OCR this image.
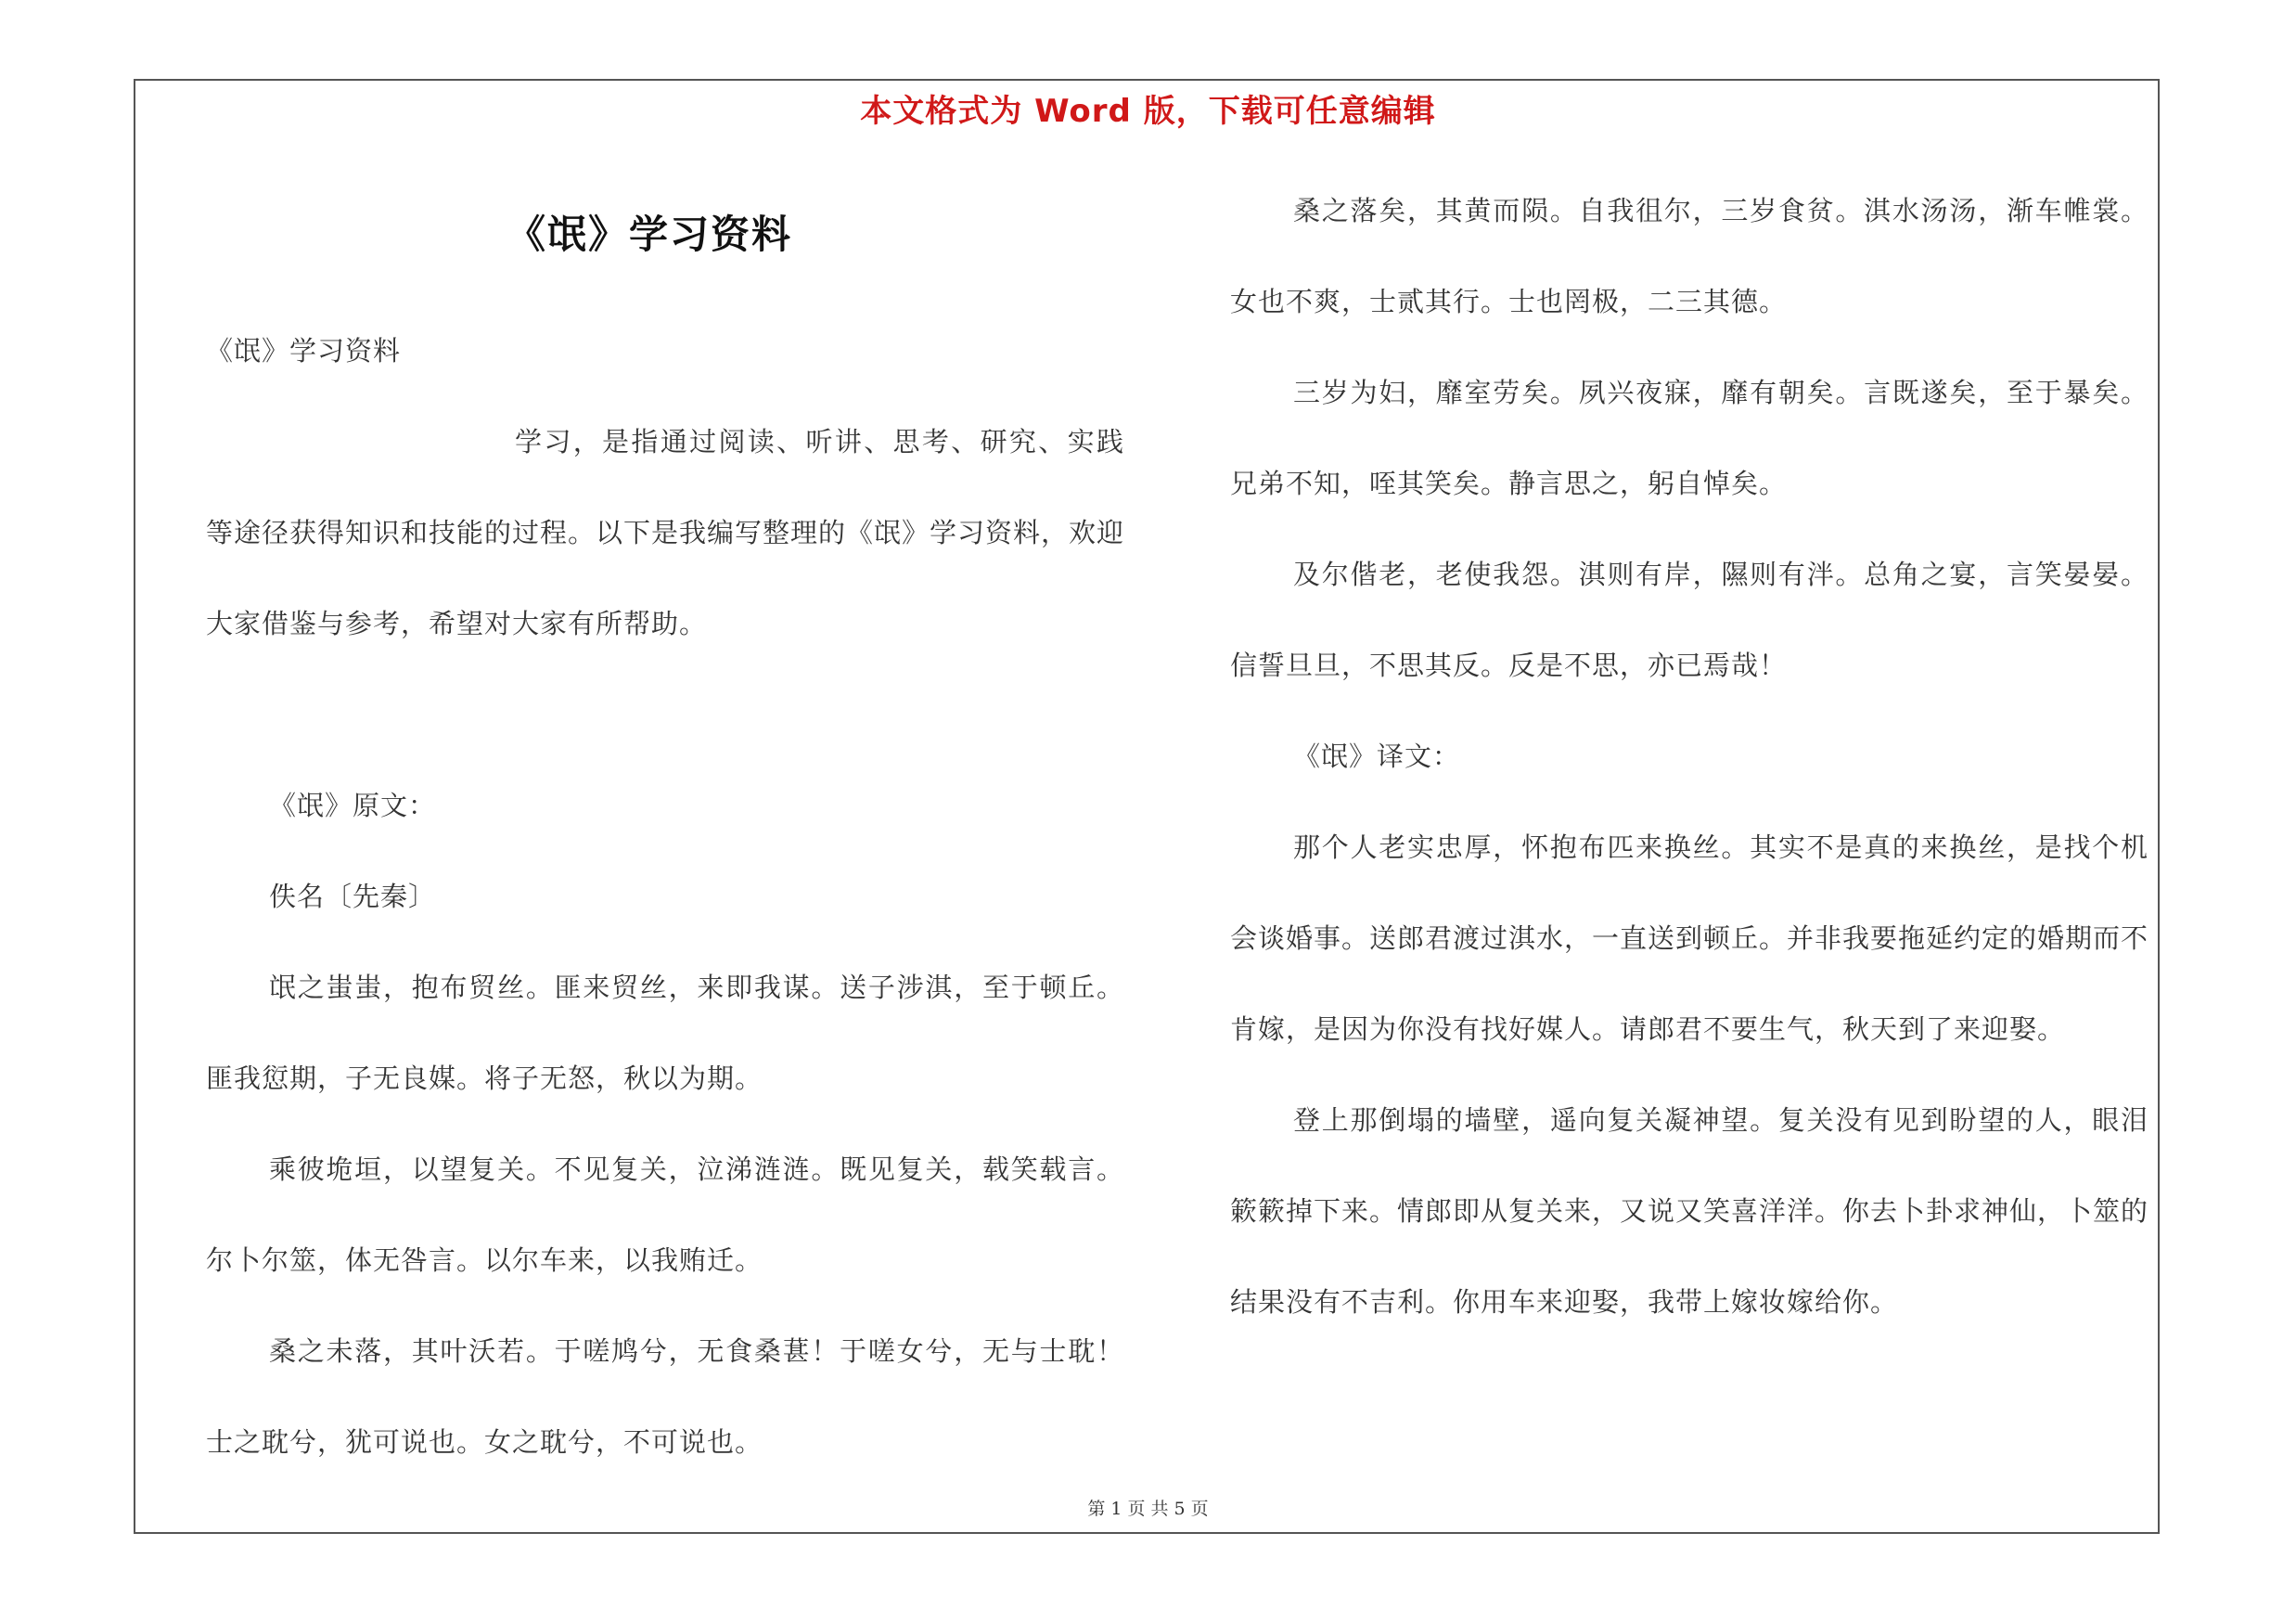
本文格式为 Word 版，下载可任意编辑
《氓》学习资料

《氓》学习资料

学习，是指通过阅读、听讲、思考、研究、实践等途径获得知识和技能的过程。以下是我编写整理的《氓》学习资料，欢迎大家借鉴与参考，希望对大家有所帮助。

《氓》原文：

佚名〔先秦〕

氓之蚩蚩，抱布贸丝。匪来贸丝，来即我谋。送子涉淇，至于顿丘。匪我愆期，子无良媒。将子无怒，秋以为期。

乘彼垝垣，以望复关。不见复关，泣涕涟涟。既见复关，载笑载言。尔卜尔筮，体无咎言。以尔车来，以我贿迁。

桑之未落，其叶沃若。于嗟鸠兮，无食桑葚！于嗟女兮，无与士耽！士之耽兮，犹可说也。女之耽兮，不可说也。

桑之落矣，其黄而陨。自我徂尔，三岁食贫。淇水汤汤，渐车帷裳。女也不爽，士贰其行。士也罔极，二三其德。

三岁为妇，靡室劳矣。夙兴夜寐，靡有朝矣。言既遂矣，至于暴矣。兄弟不知，咥其笑矣。静言思之，躬自悼矣。

及尔偕老，老使我怨。淇则有岸，隰则有泮。总角之宴，言笑晏晏。信誓旦旦，不思其反。反是不思，亦已焉哉！

《氓》译文：

那个人老实忠厚，怀抱布匹来换丝。其实不是真的来换丝，是找个机会谈婚事。送郎君渡过淇水，一直送到顿丘。并非我要拖延约定的婚期而不肯嫁，是因为你没有找好媒人。请郎君不要生气，秋天到了来迎娶。

登上那倒塌的墙壁，遥向复关凝神望。复关没有见到盼望的人，眼泪簌簌掉下来。情郎即从复关来，又说又笑喜洋洋。你去卜卦求神仙，卜筮的结果没有不吉利。你用车来迎娶，我带上嫁妆嫁给你。

第 1 页 共 5 页
